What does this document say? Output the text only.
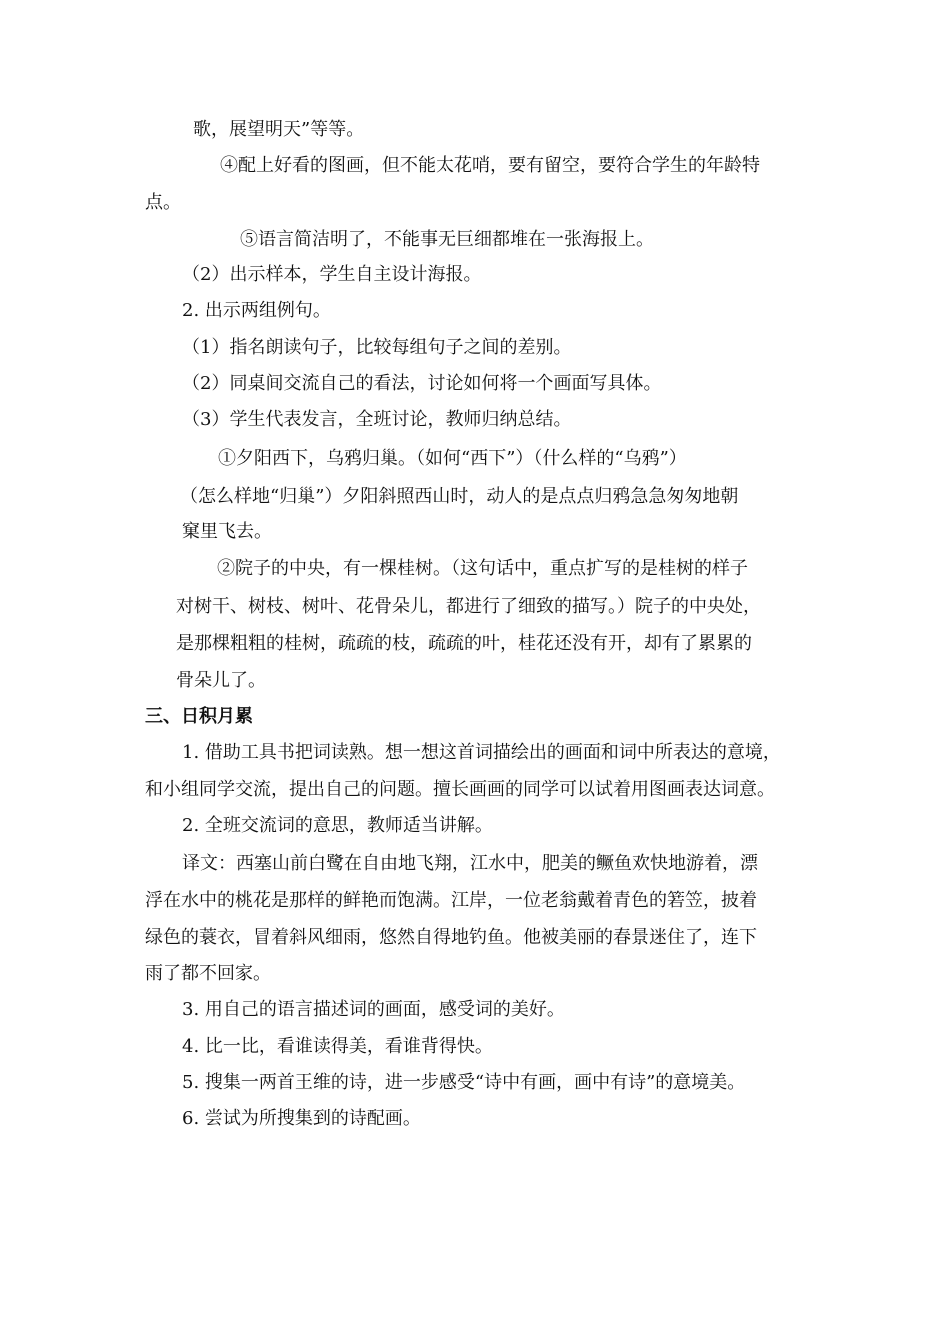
歌，展望明天”等等。
④配上好看的图画，但不能太花哨，要有留空，要符合学生的年龄特
点。
⑤语言简洁明了，不能事无巨细都堆在一张海报上。
（2）出示样本，学生自主设计海报。
2. 出示两组例句。
（1）指名朗读句子，比较每组句子之间的差别。
（2）同桌间交流自己的看法，讨论如何将一个画面写具体。
（3）学生代表发言，全班讨论，教师归纳总结。
①夕阳西下，乌鸦归巢。（如何“西下”）（什么样的“乌鸦”）
（怎么样地“归巢”）夕阳斜照西山时，动人的是点点归鸦急急匆匆地朝
窠里飞去。
②院子的中央，有一棵桂树。（这句话中，重点扩写的是桂树的样子
对树干、树枝、树叶、花骨朵儿，都进行了细致的描写。）院子的中央处，
是那棵粗粗的桂树，疏疏的枝，疏疏的叶，桂花还没有开，却有了累累的
骨朵儿了。
三、日积月累
1. 借助工具书把词读熟。想一想这首词描绘出的画面和词中所表达的意境，
和小组同学交流，提出自己的问题。擅长画画的同学可以试着用图画表达词意。
2. 全班交流词的意思，教师适当讲解。
译文：西塞山前白鹭在自由地飞翔，江水中，肥美的鳜鱼欢快地游着，漂
浮在水中的桃花是那样的鲜艳而饱满。江岸，一位老翁戴着青色的箬笠，披着
绿色的蓑衣，冒着斜风细雨，悠然自得地钓鱼。他被美丽的春景迷住了，连下
雨了都不回家。
3. 用自己的语言描述词的画面，感受词的美好。
4. 比一比，看谁读得美，看谁背得快。
5. 搜集一两首王维的诗，进一步感受“诗中有画，画中有诗”的意境美。
6. 尝试为所搜集到的诗配画。
